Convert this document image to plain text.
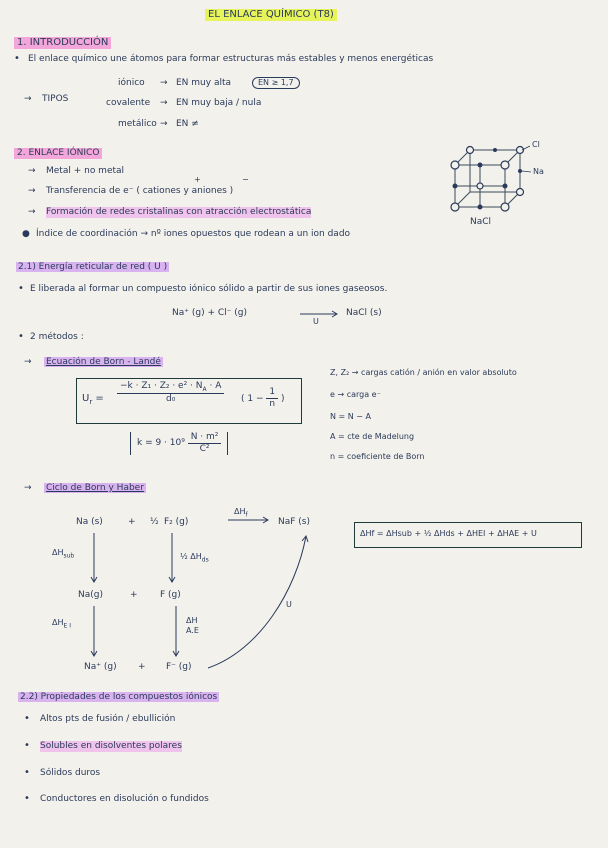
EL ENLACE QUÍMICO (T8)
1. INTRODUCCIÓN
• El enlace químico une átomos para formar estructuras más estables y menos energéticas
→ TIPOS
iónico → EN muy alta	EN ≥ 1,7
covalente → EN muy baja / nula
metálico → EN ≠
2. ENLACE IÓNICO
→ Metal + no metal
→ Transferencia de e⁻ ( cationes y aniones )
+	−
→ Formación de redes cristalinas con atracción electrostática
● Índice de coordinación → nº iones opuestos que rodean a un ion dado
Cl
Na
NaCl
2.1) Energía reticular de red ( U )
• E liberada al formar un compuesto iónico sólido a partir de sus iones gaseosos.
Na⁺ (g) + Cl⁻ (g)
U
NaCl (s)
• 2 métodos :
→ Ecuación de Born - Landé
$U_r = \frac{-k \cdot Z_1 \cdot Z_2 \cdot e^2 \cdot N_A \cdot A}{\text{d₀}}$ ( $1 - \frac{1}{n}$ )
$k = 9 \cdot 10^9 \frac{\text{N · m²}}{\text{C²}}$
Z, Z₂ → cargas catión / anión en valor absoluto
e → carga e⁻
N = N − A
A = cte de Madelung
n = coeficiente de Born
→ Ciclo de Born y Haber
Na (s)	+ ½ F₂ (g)
$\Delta H_f$
NaF (s)
$\Delta H_{sub}$	½ $\Delta H_{ds}$
Na(g)	+ F (g)
$\Delta H_{E I}$
ΔH
A.E
U
Na⁺ (g) + F⁻ (g)
ΔHf = ΔHsub + ½ ΔHds + ΔHEI + ΔHAE + U
2.2) Propiedades de los compuestos iónicos
• Altos pts de fusión / ebullición
• Solubles en disolventes polares
• Sólidos duros
• Conductores en disolución o fundidos
